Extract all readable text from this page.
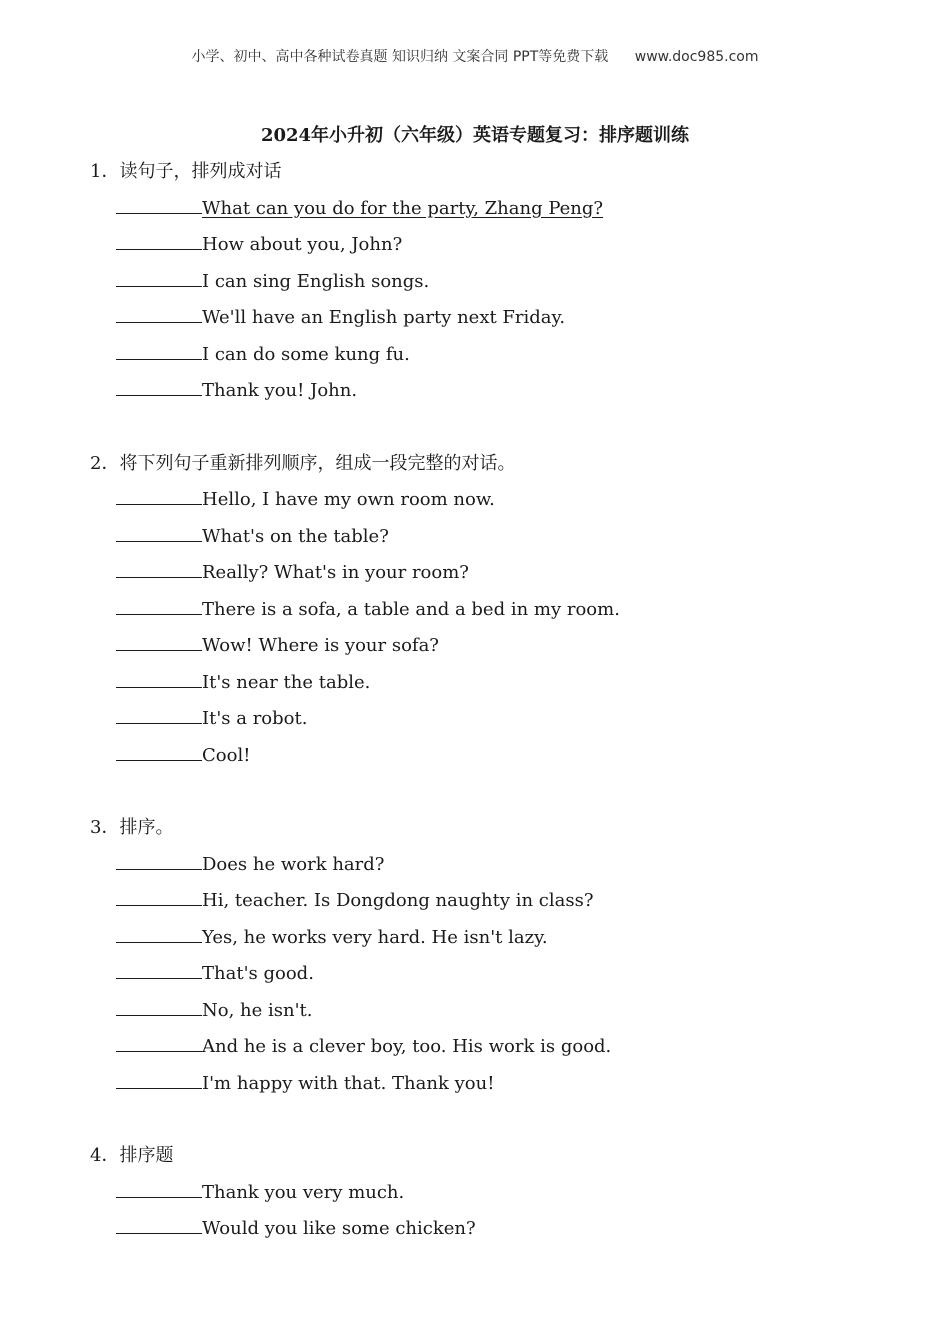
小学、初中、高中各种试卷真题 知识归纳 文案合同 PPT等免费下载 www.doc985.com
2024年小升初（六年级）英语专题复习：排序题训练
1．读句子，排列成对话
What can you do for the party, Zhang Peng?
How about you, John?
I can sing English songs.
We'll have an English party next Friday.
I can do some kung fu.
Thank you! John.
2．将下列句子重新排列顺序，组成一段完整的对话。
Hello, I have my own room now.
What's on the table?
Really? What's in your room?
There is a sofa, a table and a bed in my room.
Wow! Where is your sofa?
It's near the table.
It's a robot.
Cool!
3．排序。
Does he work hard?
Hi, teacher. Is Dongdong naughty in class?
Yes, he works very hard. He isn't lazy.
That's good.
No, he isn't.
And he is a clever boy, too. His work is good.
I'm happy with that. Thank you!
4．排序题
Thank you very much.
Would you like some chicken?
